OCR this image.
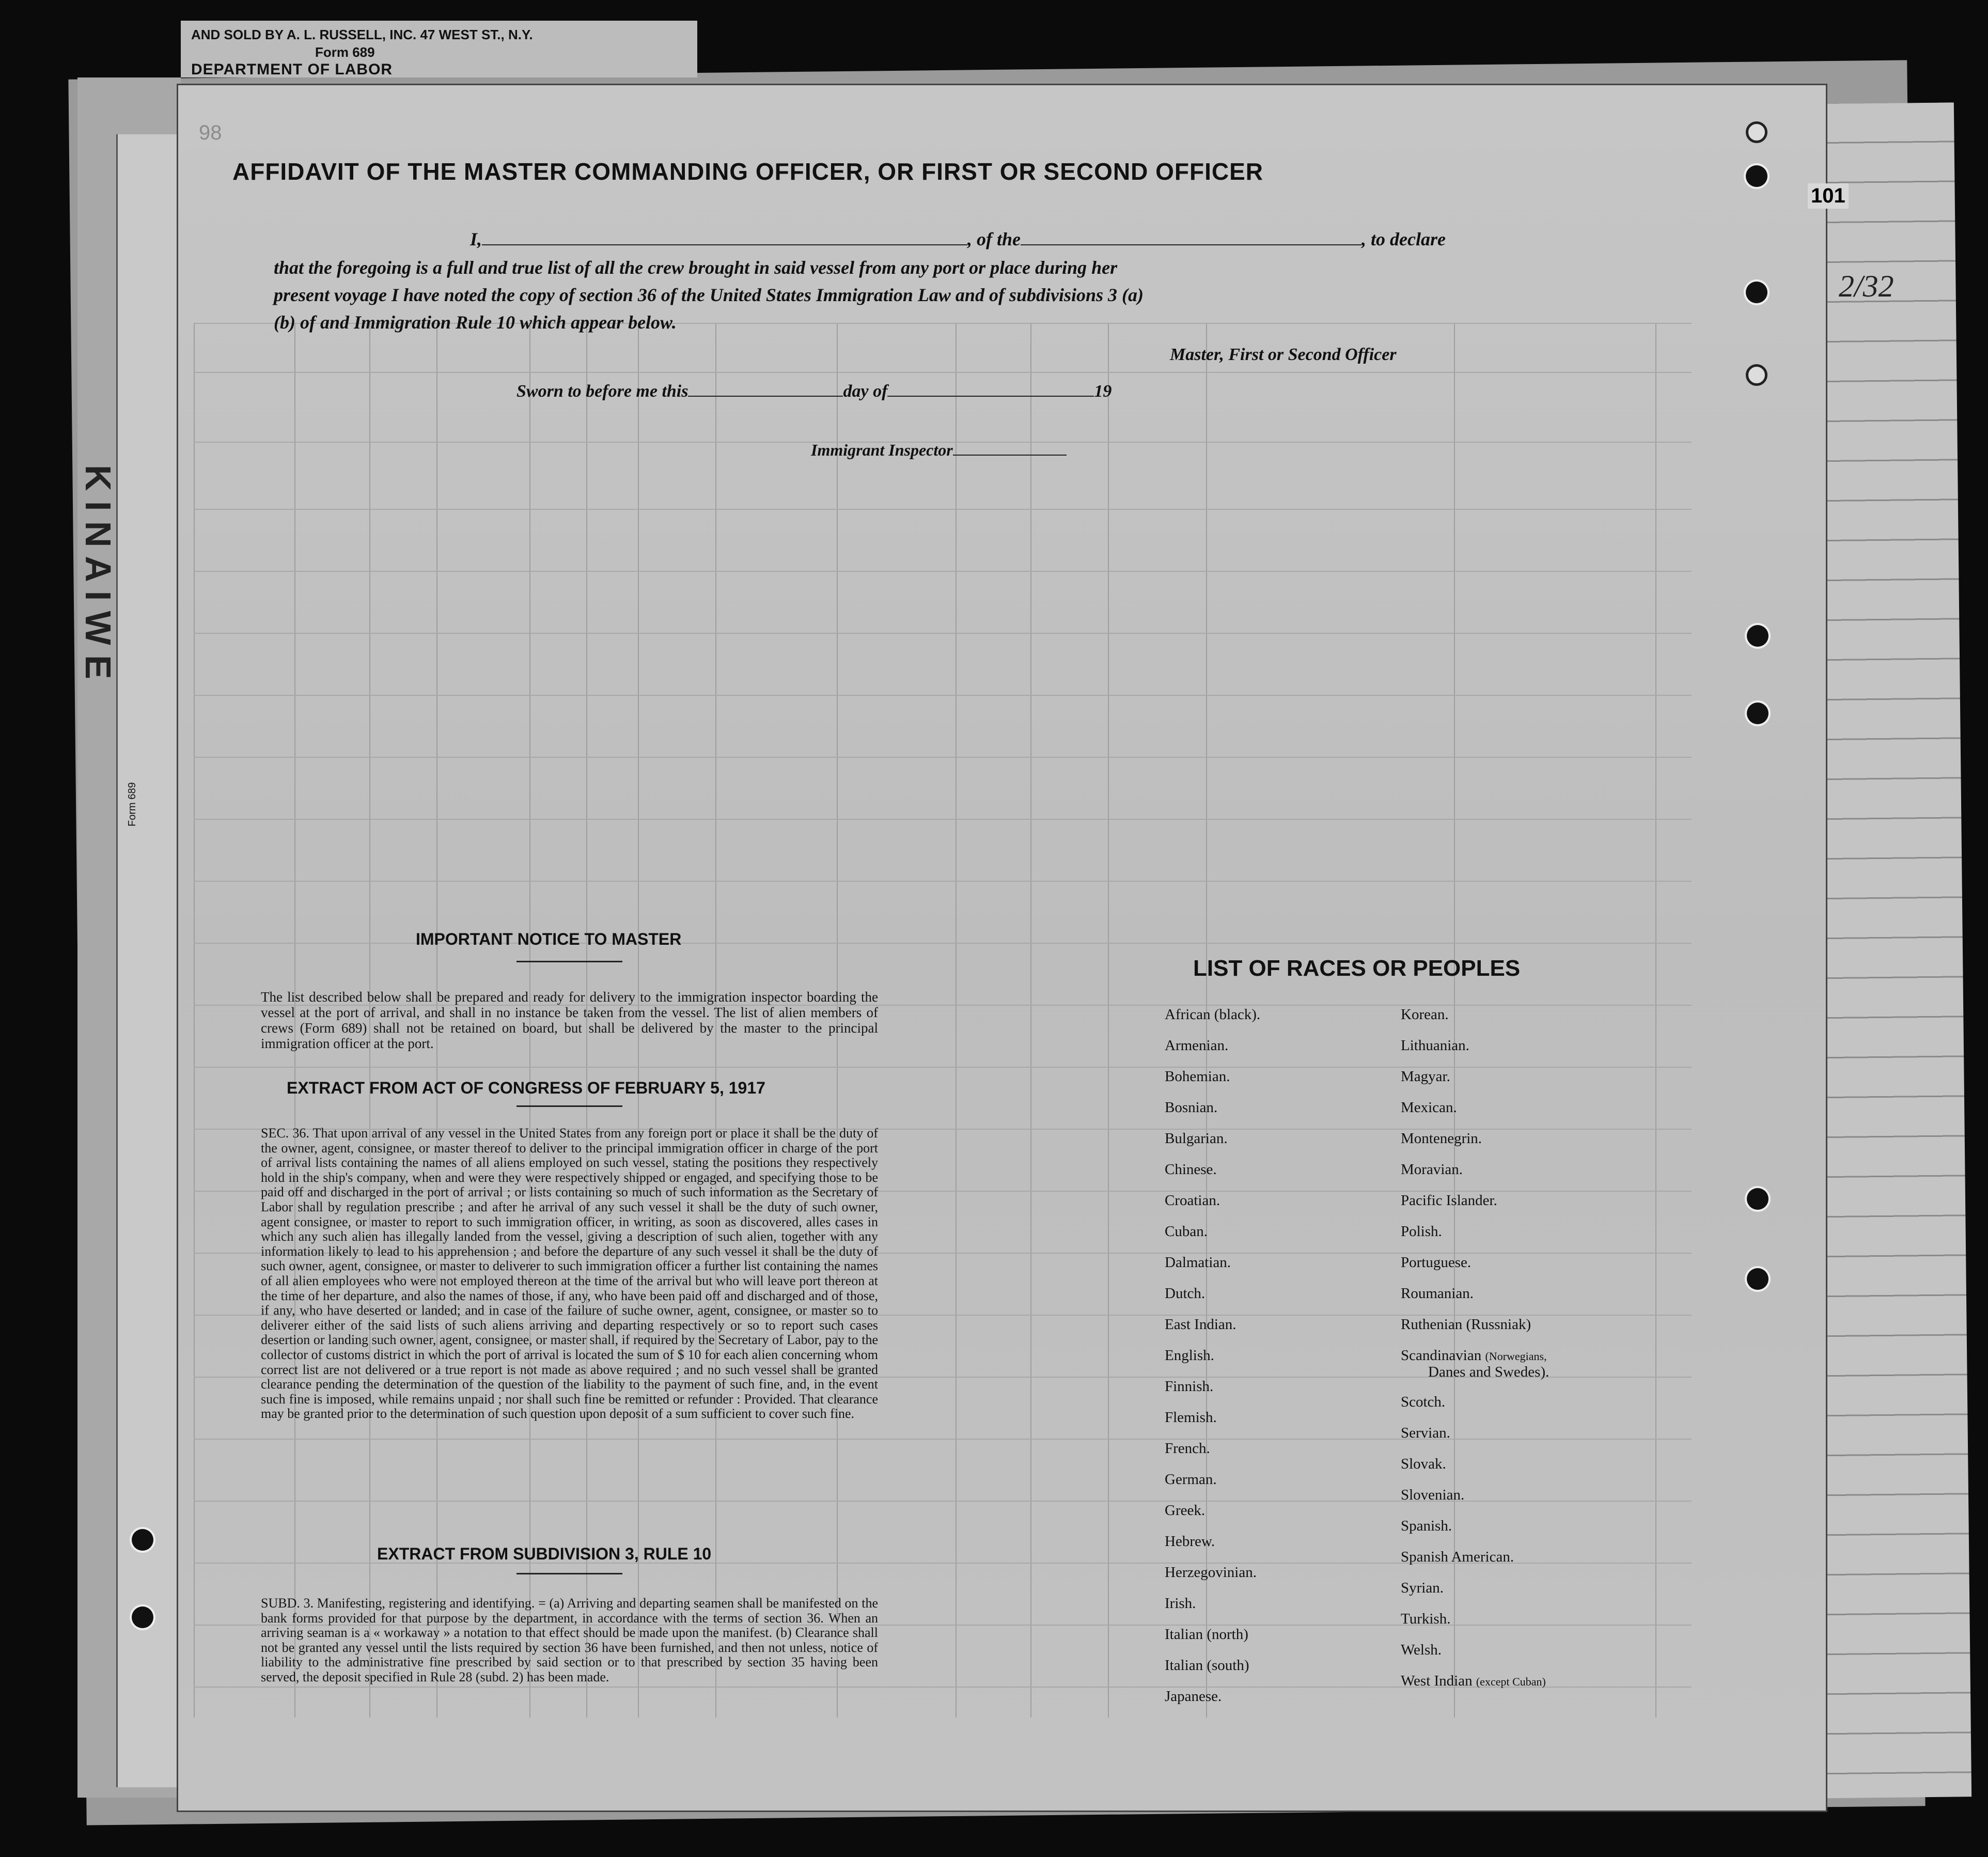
K I N A I W E
Form 689
AND SOLD BY A. L. RUSSELL, INC. 47 WEST ST., N.Y.
Form 689
DEPARTMENT OF LABOR
98
101
2/32
AFFIDAVIT OF THE MASTER COMMANDING OFFICER, OR FIRST OR SECOND OFFICER
I,	, of the	, to declare
that the foregoing is a full and true list of all the crew brought in said vessel from any port or place during her
present voyage I have noted the copy of section 36 of the United States Immigration Law and of subdivisions 3 (a)
(b) of and Immigration Rule 10 which appear below.
Master, First or Second Officer
Sworn to before me this	day of	19
Immigrant Inspector
IMPORTANT NOTICE TO MASTER
The list described below shall be prepared and ready for delivery to the immigration inspector boarding the vessel at the port of arrival, and shall in no instance be taken from the vessel. The list of alien members of crews (Form 689) shall not be retained on board, but shall be delivered by the master to the principal immigration officer at the port.
EXTRACT FROM ACT OF CONGRESS OF FEBRUARY 5, 1917
SEC. 36. That upon arrival of any vessel in the United States from any foreign port or place it shall be the duty of the owner, agent, consignee, or master thereof to deliver to the principal immigration officer in charge of the port of arrival lists containing the names of all aliens employed on such vessel, stating the positions they respectively hold in the ship's company, when and were they were respectively shipped or engaged, and specifying those to be paid off and discharged in the port of arrival ; or lists containing so much of such information as the Secretary of Labor shall by regulation prescribe ; and after he arrival of any such vessel it shall be the duty of such owner, agent consignee, or master to report to such immigration officer, in writing, as soon as discovered, alles cases in which any such alien has illegally landed from the vessel, giving a description of such alien, together with any information likely to lead to his apprehension ; and before the departure of any such vessel it shall be the duty of such owner, agent, consignee, or master to deliverer to such immigration officer a further list containing the names of all alien employees who were not employed thereon at the time of the arrival but who will leave port thereon at the time of her departure, and also the names of those, if any, who have been paid off and discharged and of those, if any, who have deserted or landed; and in case of the failure of suche owner, agent, consignee, or master so to deliverer either of the said lists of such aliens arriving and departing respectively or so to report such cases desertion or landing such owner, agent, consignee, or master shall, if required by the Secretary of Labor, pay to the collector of customs district in which the port of arrival is located the sum of $ 10 for each alien concerning whom correct list are not delivered or a true report is not made as above required ; and no such vessel shall be granted clearance pending the determination of the question of the liability to the payment of such fine, and, in the event such fine is imposed, while remains unpaid ; nor shall such fine be remitted or refunder : Provided. That clearance may be granted prior to the determination of such question upon deposit of a sum sufficient to cover such fine.
EXTRACT FROM SUBDIVISION 3, RULE 10
SUBD. 3. Manifesting, registering and identifying. = (a) Arriving and departing seamen shall be manifested on the bank forms provided for that purpose by the department, in accordance with the terms of section 36. When an arriving seaman is a « workaway » a notation to that effect should be made upon the manifest. (b) Clearance shall not be granted any vessel until the lists required by section 36 have been furnished, and then not unless, notice of liability to the administrative fine prescribed by said section or to that prescribed by section 35 having been served, the deposit specified in Rule 28 (subd. 2) has been made.
LIST OF RACES OR PEOPLES
African (black).
Armenian.
Bohemian.
Bosnian.
Bulgarian.
Chinese.
Croatian.
Cuban.
Dalmatian.
Dutch.
East Indian.
English.
Finnish.
Flemish.
French.
German.
Greek.
Hebrew.
Herzegovinian.
Irish.
Italian (north)
Italian (south)
Japanese.
Korean.
Lithuanian.
Magyar.
Mexican.
Montenegrin.
Moravian.
Pacific Islander.
Polish.
Portuguese.
Roumanian.
Ruthenian (Russniak)
Scandinavian (Norwegians,
Danes and Swedes).
Scotch.
Servian.
Slovak.
Slovenian.
Spanish.
Spanish American.
Syrian.
Turkish.
Welsh.
West Indian (except Cuban)
